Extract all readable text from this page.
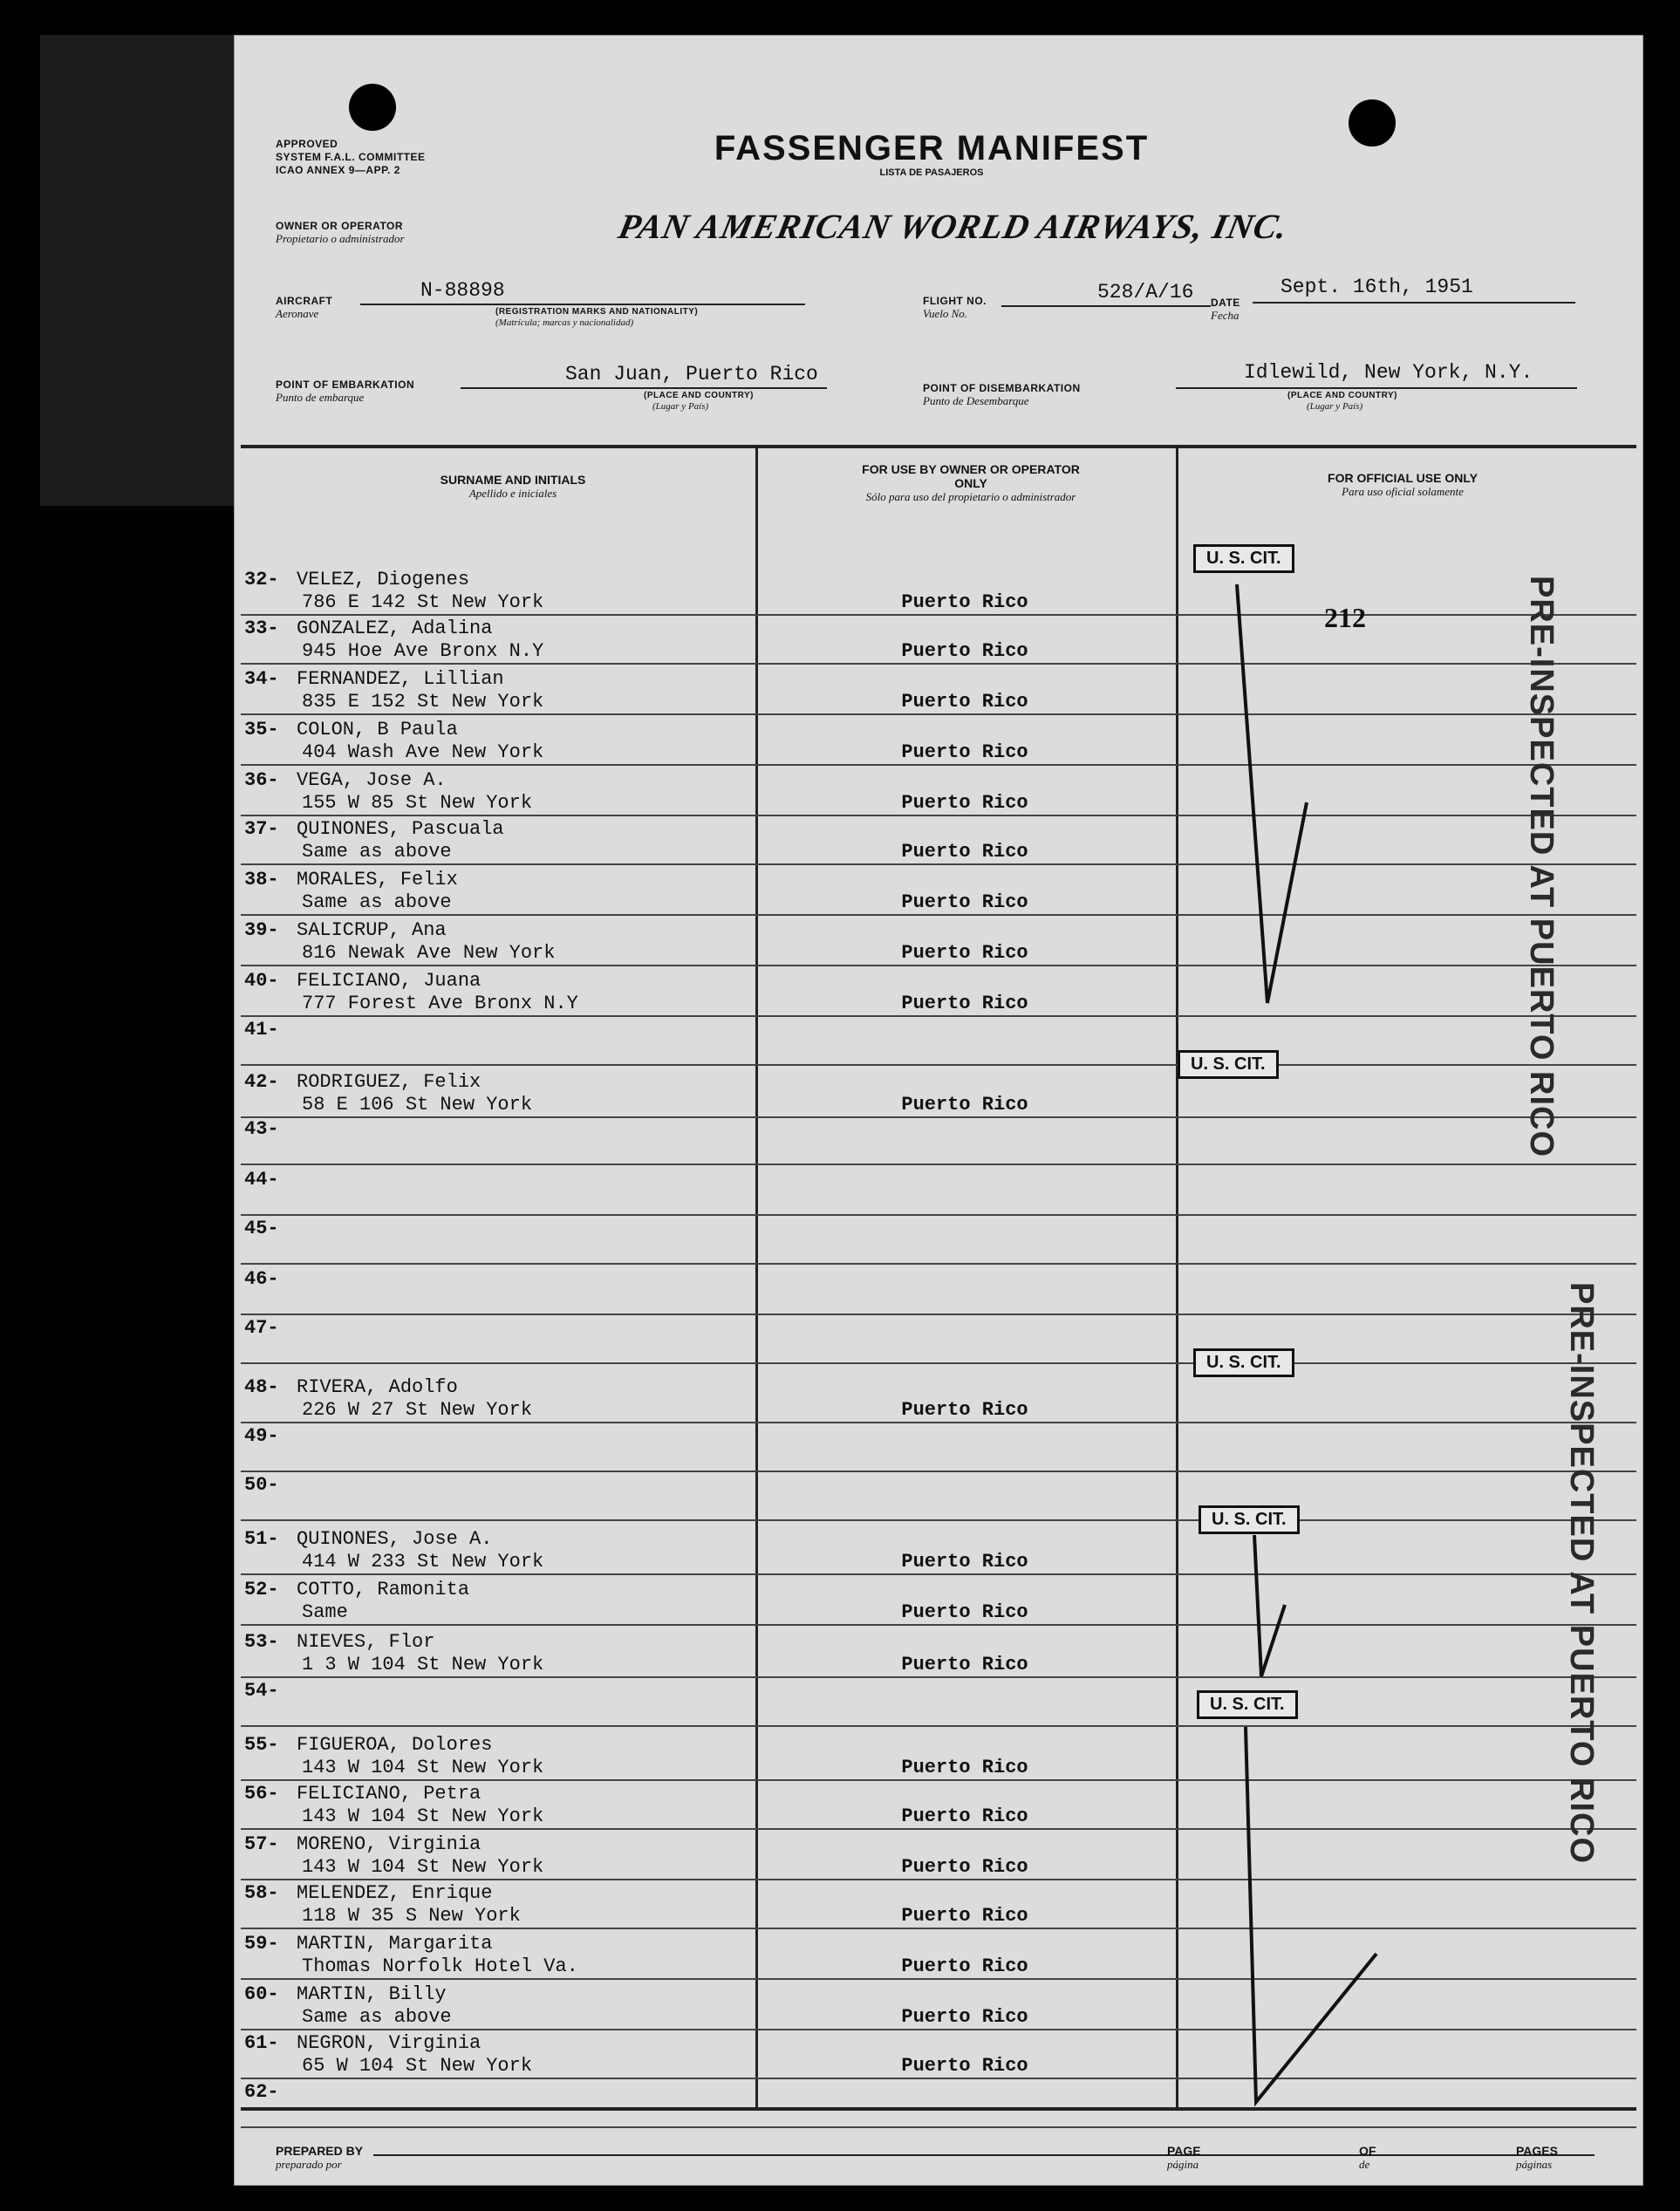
APPROVED
SYSTEM F.A.L. COMMITTEE
ICAO ANNEX 9—APP. 2
FASSENGER MANIFEST
LISTA DE PASAJEROS
OWNER OR OPERATOR
Propietario o administrador	PAN AMERICAN WORLD AIRWAYS, INC.
AIRCRAFT
Aeronave
N-88898
(REGISTRATION MARKS AND NATIONALITY)
(Matrícula; marcas y nacionalidad)
FLIGHT NO.
Vuelo No.
528/A/16 DATE
Fecha
Sept. 16th, 1951
POINT OF EMBARKATION
Punto de embarque
San Juan, Puerto Rico
(PLACE AND COUNTRY)
(Lugar y País)
POINT OF DISEMBARKATION
Punto de Desembarque
Idlewild, New York, N.Y.
(PLACE AND COUNTRY)
(Lugar y País)
SURNAME AND INITIALS
Apellido e iniciales
FOR USE BY OWNER OR OPERATOR ONLY
Sólo para uso del propietario o administrador
FOR OFFICIAL USE ONLY
Para uso oficial solamente
32- VELEZ, Diogenes
786 E 142 St New York	Puerto Rico
33- GONZALEZ, Adalina
945 Hoe Ave Bronx N.Y	Puerto Rico
34- FERNANDEZ, Lillian
835 E 152 St New York	Puerto Rico
35- COLON, B Paula
404 Wash Ave New York	Puerto Rico
36- VEGA, Jose A.
155 W 85 St New York	Puerto Rico
37- QUINONES, Pascuala
Same as above	Puerto Rico
38- MORALES, Felix
Same as above	Puerto Rico
39- SALICRUP, Ana
816 Newak Ave New York	Puerto Rico
40- FELICIANO, Juana
777 Forest Ave Bronx N.Y	Puerto Rico
41-
42- RODRIGUEZ, Felix
58 E 106 St New York	Puerto Rico
43-
44-
45-
46-
47-
48- RIVERA, Adolfo
226 W 27 St New York	Puerto Rico
49-
50-
51- QUINONES, Jose A.
414 W 233 St New York	Puerto Rico
52- COTTO, Ramonita
Same	Puerto Rico
53- NIEVES, Flor
1 3 W 104 St New York	Puerto Rico
54-
55- FIGUEROA, Dolores
143 W 104 St New York	Puerto Rico
56- FELICIANO, Petra
143 W 104 St New York	Puerto Rico
57- MORENO, Virginia
143 W 104 St New York	Puerto Rico
58- MELENDEZ, Enrique
118 W 35 S New York	Puerto Rico
59- MARTIN, Margarita
Thomas Norfolk Hotel Va.	Puerto Rico
60- MARTIN, Billy
Same as above	Puerto Rico
61- NEGRON, Virginia
65 W 104 St New York	Puerto Rico
62-
U. S. CIT.
212
U. S. CIT.
U. S. CIT.
U. S. CIT.
U. S. CIT.
PRE-INSPECTED AT PUERTO RICO
PRE-INSPECTED AT PUERTO RICO
PREPARED BY
preparado por
PAGE
página
OF
de
PAGES
páginas
